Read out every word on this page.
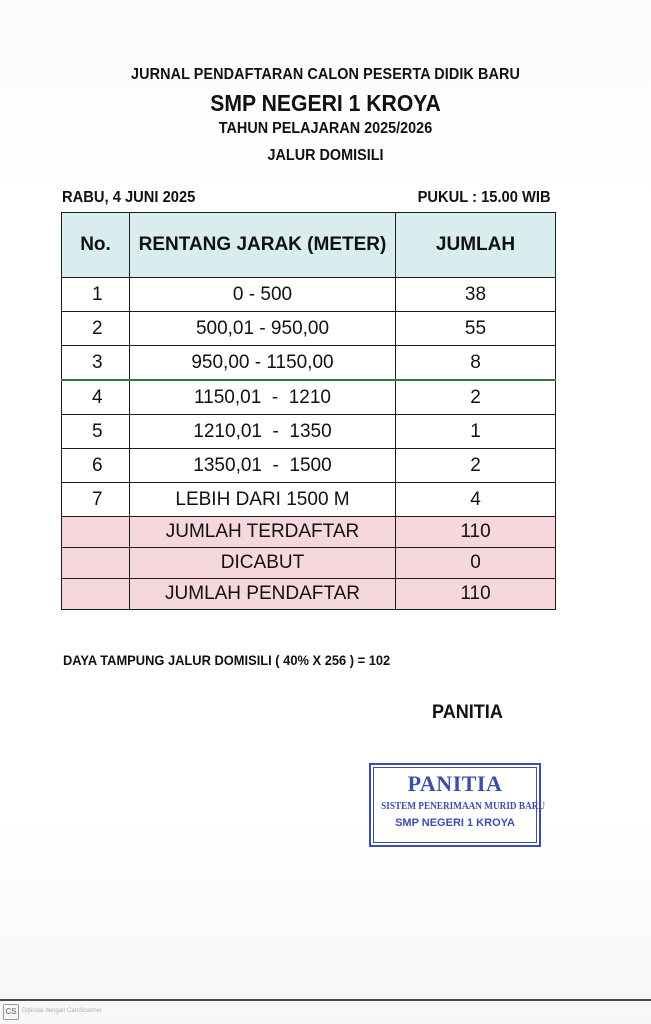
JURNAL PENDAFTARAN CALON PESERTA DIDIK BARU
SMP NEGERI 1 KROYA
TAHUN PELAJARAN 2025/2026
JALUR DOMISILI
RABU, 4 JUNI 2025	PUKUL : 15.00 WIB
No.	RENTANG JARAK (METER)	JUMLAH
1	0 - 500	38
2	500,01 - 950,00	55
3	950,00 - 1150,00	8
4	1150,01  -  1210	2
5	1210,01  -  1350	1
6	1350,01  -  1500	2
7	LEBIH DARI 1500 M	4
	JUMLAH TERDAFTAR	110
	DICABUT	0
	JUMLAH PENDAFTAR	110
DAYA TAMPUNG JALUR DOMISILI ( 40% X 256 ) = 102
PANITIA
PANITIA
SISTEM PENERIMAAN MURID BARU
SMP NEGERI 1 KROYA
CS Dipindai dengan CamScanner
